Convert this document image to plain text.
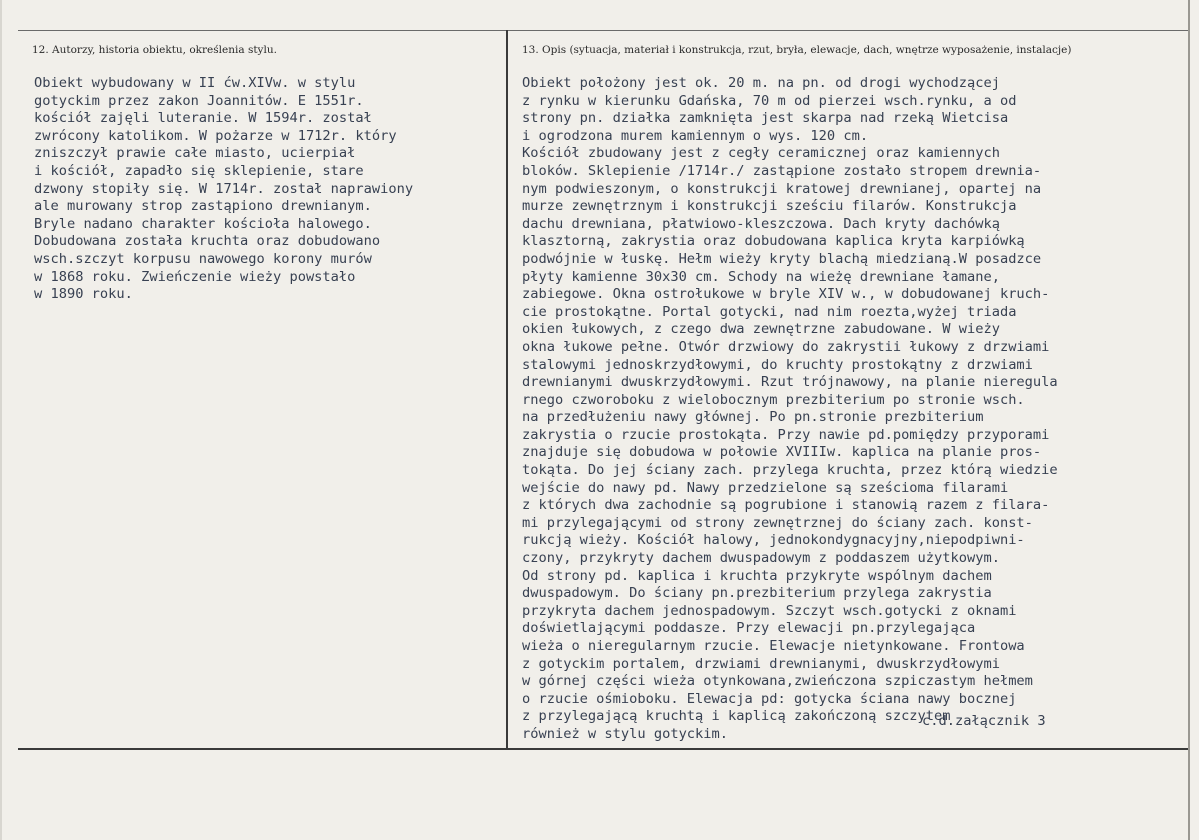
12. Autorzy, historia obiektu, określenia stylu.	13. Opis (sytuacja, materiał i konstrukcja, rzut, bryła, elewacje, dach, wnętrze wyposażenie, instalacje)
Obiekt wybudowany w II ćw.XIVw. w stylu
gotyckim przez zakon Joannitów. E 1551r.
kościół zajęli luteranie. W 1594r. został
zwrócony katolikom. W pożarze w 1712r. który
zniszczył prawie całe miasto, ucierpiał
i kościół, zapadło się sklepienie, stare
dzwony stopiły się. W 1714r. został naprawiony
ale murowany strop zastąpiono drewnianym.
Bryle nadano charakter kościoła halowego.
Dobudowana została kruchta oraz dobudowano
wsch.szczyt korpusu nawowego korony murów
w 1868 roku. Zwieńczenie wieży powstało
w 1890 roku.
Obiekt położony jest ok. 20 m. na pn. od drogi wychodzącej
z rynku w kierunku Gdańska, 70 m od pierzei wsch.rynku, a od
strony pn. działka zamknięta jest skarpa nad rzeką Wietcisa
i ogrodzona murem kamiennym o wys. 120 cm.
Kościół zbudowany jest z cegły ceramicznej oraz kamiennych
bloków. Sklepienie /1714r./ zastąpione zostało stropem drewnia-
nym podwieszonym, o konstrukcji kratowej drewnianej, opartej na
murze zewnętrznym i konstrukcji sześciu filarów. Konstrukcja
dachu drewniana, płatwiowo-kleszczowa. Dach kryty dachówką
klasztorną, zakrystia oraz dobudowana kaplica kryta karpiówką
podwójnie w łuskę. Hełm wieży kryty blachą miedzianą.W posadzce
płyty kamienne 30x30 cm. Schody na wieżę drewniane łamane,
zabiegowe. Okna ostrołukowe w bryle XIV w., w dobudowanej kruch-
cie prostokątne. Portal gotycki, nad nim roezta,wyżej triada
okien łukowych, z czego dwa zewnętrzne zabudowane. W wieży
okna łukowe pełne. Otwór drzwiowy do zakrystii łukowy z drzwiami
stalowymi jednoskrzydłowymi, do kruchty prostokątny z drzwiami
drewnianymi dwuskrzydłowymi. Rzut trójnawowy, na planie nieregula
rnego czworoboku z wielobocznym prezbiterium po stronie wsch.
na przedłużeniu nawy głównej. Po pn.stronie prezbiterium
zakrystia o rzucie prostokąta. Przy nawie pd.pomiędzy przyporami
znajduje się dobudowa w połowie XVIIIw. kaplica na planie pros-
tokąta. Do jej ściany zach. przylega kruchta, przez którą wiedzie
wejście do nawy pd. Nawy przedzielone są sześcioma filarami
z których dwa zachodnie są pogrubione i stanowią razem z filara-
mi przylegającymi od strony zewnętrznej do ściany zach. konst-
rukcją wieży. Kościół halowy, jednokondygnacyjny,niepodpiwni-
czony, przykryty dachem dwuspadowym z poddaszem użytkowym.
Od strony pd. kaplica i kruchta przykryte wspólnym dachem
dwuspadowym. Do ściany pn.prezbiterium przylega zakrystia
przykryta dachem jednospadowym. Szczyt wsch.gotycki z oknami
doświetlającymi poddasze. Przy elewacji pn.przylegająca
wieża o nieregularnym rzucie. Elewacje nietynkowane. Frontowa
z gotyckim portalem, drzwiami drewnianymi, dwuskrzydłowymi
w górnej części wieża otynkowana,zwieńczona szpiczastym hełmem
o rzucie ośmioboku. Elewacja pd: gotycka ściana nawy bocznej
z przylegającą kruchtą i kaplicą zakończoną szczytem
również w stylu gotyckim.
c.d.załącznik 3
